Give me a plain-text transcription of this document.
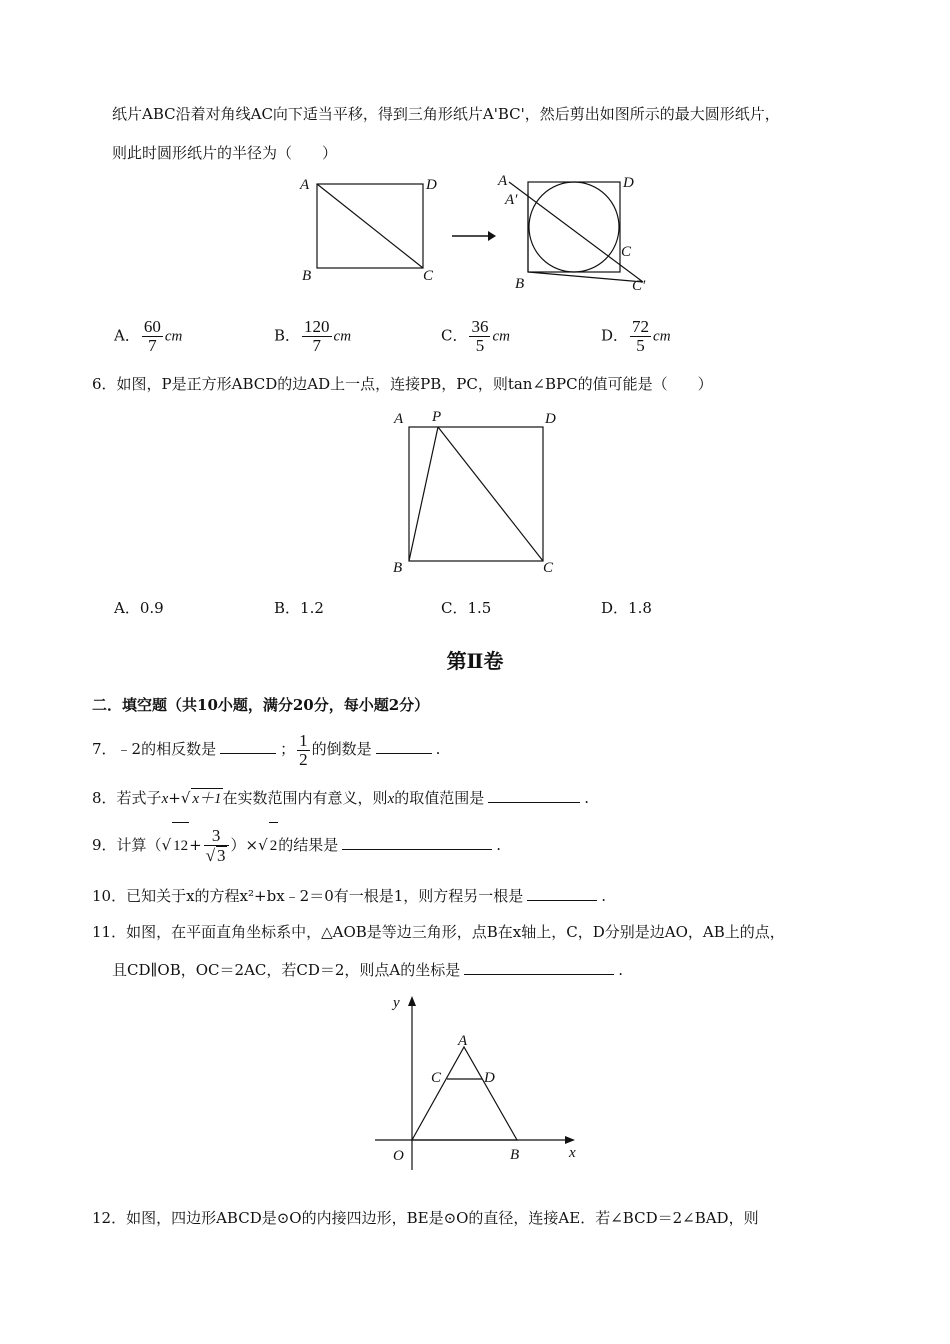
纸片ABC沿着对角线AC向下适当平移，得到三角形纸片A'BC'，然后剪出如图所示的最大圆形纸片，
则此时圆形纸片的半径为（　　）
A	D
B	C
A	D
A′
C
B	C′
A． $\frac{60}{7}$ cm	B． $\frac{120}{7}$ cm	C． $\frac{36}{5}$ cm	D． $\frac{72}{5}$ cm
6．如图，P是正方形ABCD的边AD上一点，连接PB，PC，则tan∠BPC的值可能是（　　）
A P	D
B	C
A．0.9	B．1.2	C．1.5	D．1.8
第Ⅱ卷
二．填空题（共10小题，满分20分，每小题2分）
7．﹣2的相反数是	； $\frac{1}{2}$ 的倒数是	.
8．若式子x+√ x＋1在实数范围内有意义，则x的取值范围是	.
9．计算（√ $12+ \frac{3}{√ 3}$ ）×√ 2的结果是	.
10．已知关于x的方程x²+bx﹣2＝0有一根是1，则方程另一根是	.
11．如图，在平面直角坐标系中，△AOB是等边三角形，点B在x轴上，C，D分别是边AO，AB上的点，
且CD∥OB，OC＝2AC，若CD＝2，则点A的坐标是	.
y
A
C	D
O	B	x
12．如图，四边形ABCD是⊙O的内接四边形，BE是⊙O的直径，连接AE．若∠BCD＝2∠BAD，则
